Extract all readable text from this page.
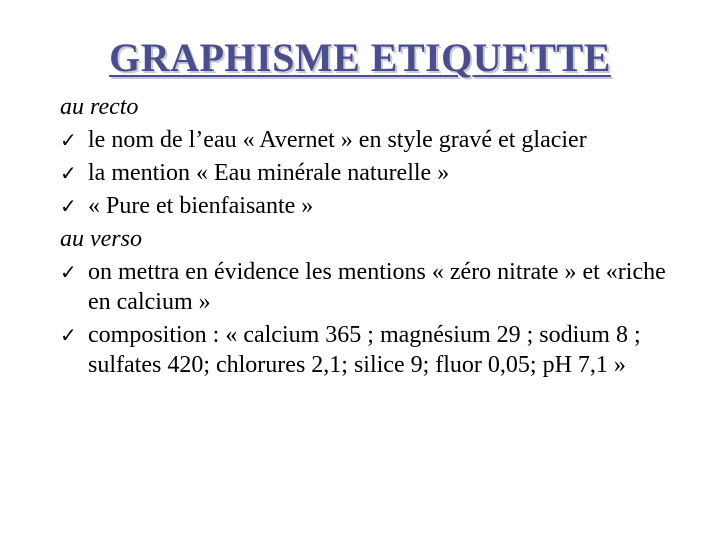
GRAPHISME ETIQUETTE
au recto
✓ le nom de l’eau « Avernet » en style gravé et glacier
✓ la mention « Eau minérale naturelle »
✓ « Pure et bienfaisante »
au verso
✓ on mettra en évidence les mentions « zéro nitrate » et «riche en calcium »
✓ composition : « calcium 365 ; magnésium 29 ; sodium 8 ; sulfates 420; chlorures 2,1; silice 9; fluor 0,05; pH 7,1 »
